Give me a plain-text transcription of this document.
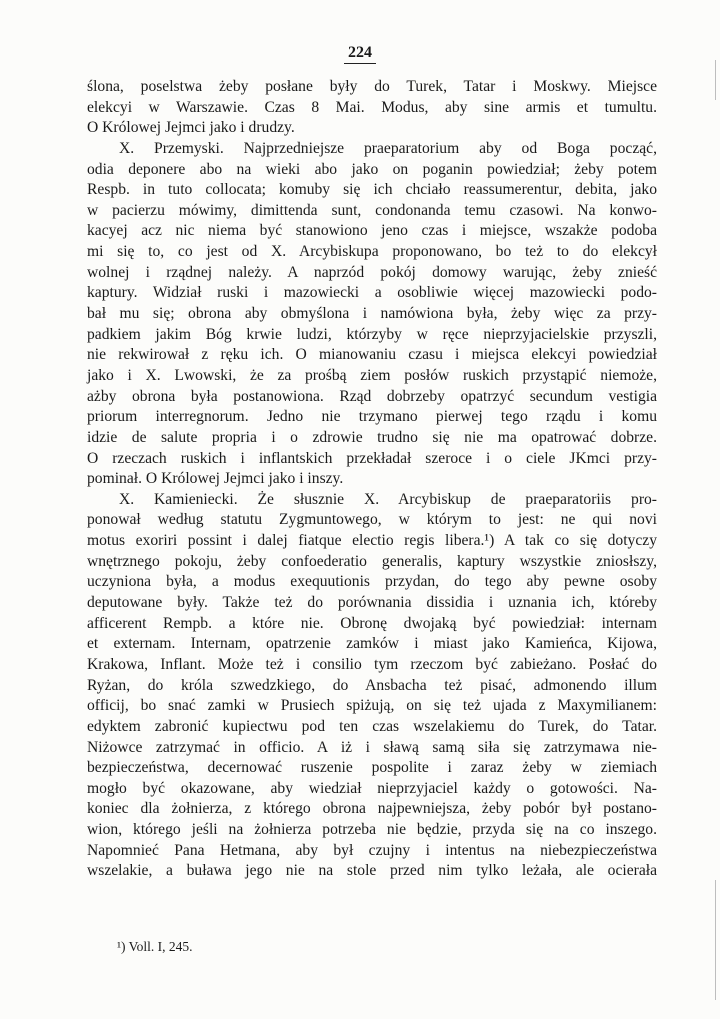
224
ślona, poselstwa żeby posłane były do Turek, Tatar i Moskwy. Miejsce
elekcyi w Warszawie. Czas 8 Mai. Modus, aby sine armis et tumultu.
O Królowej Jejmci jako i drudzy.
X. Przemyski. Najprzedniejsze praeparatorium aby od Boga począć,
odia deponere abo na wieki abo jako on poganin powiedział; żeby potem
Respb. in tuto collocata; komuby się ich chciało reassumerentur, debita, jako
w pacierzu mówimy, dimittenda sunt, condonanda temu czasowi. Na konwo-
kacyej acz nic niema być stanowiono jeno czas i miejsce, wszakże podoba
mi się to, co jest od X. Arcybiskupa proponowano, bo też to do elekcył
wolnej i rządnej należy. A naprzód pokój domowy warując, żeby znieść
kaptury. Widział ruski i mazowiecki a osobliwie więcej mazowiecki podo-
bał mu się; obrona aby obmyślona i namówiona była, żeby więc za przy-
padkiem jakim Bóg krwie ludzi, którzyby w ręce nieprzyjacielskie przyszli,
nie rekwirował z ręku ich. O mianowaniu czasu i miejsca elekcyi powiedział
jako i X. Lwowski, że za prośbą ziem posłów ruskich przystąpić niemoże,
ażby obrona była postanowiona. Rząd dobrzeby opatrzyć secundum vestigia
priorum interregnorum. Jedno nie trzymano pierwej tego rządu i komu
idzie de salute propria i o zdrowie trudno się nie ma opatrować dobrze.
O rzeczach ruskich i inflantskich przekładał szeroce i o ciele JKmci przy-
pominał. O Królowej Jejmci jako i inszy.
X. Kamieniecki. Że słusznie X. Arcybiskup de praeparatoriis pro-
ponował według statutu Zygmuntowego, w którym to jest: ne qui novi
motus exoriri possint i dalej fiatque electio regis libera.¹) A tak co się dotyczy
wnętrznego pokoju, żeby confoederatio generalis, kaptury wszystkie zniosłszy,
uczyniona była, a modus exequutionis przydan, do tego aby pewne osoby
deputowane były. Także też do porównania dissidia i uznania ich, któreby
afficerent Rempb. a które nie. Obronę dwojaką być powiedział: internam
et externam. Internam, opatrzenie zamków i miast jako Kamieńca, Kijowa,
Krakowa, Inflant. Może też i consilio tym rzeczom być zabieżano. Posłać do
Ryżan, do króla szwedzkiego, do Ansbacha też pisać, admonendo illum
officij, bo snać zamki w Prusiech spiżują, on się też ujada z Maxymilianem:
edyktem zabronić kupiectwu pod ten czas wszelakiemu do Turek, do Tatar.
Niżowce zatrzymać in officio. A iż i sławą samą siła się zatrzymawa nie-
bezpieczeństwa, decernować ruszenie pospolite i zaraz żeby w ziemiach
mogło być okazowane, aby wiedział nieprzyjaciel każdy o gotowości. Na-
koniec dla żołnierza, z którego obrona najpewniejsza, żeby pobór był postano-
wion, którego jeśli na żołnierza potrzeba nie będzie, przyda się na co inszego.
Napomnieć Pana Hetmana, aby był czujny i intentus na niebezpieczeństwa
wszelakie, a buława jego nie na stole przed nim tylko leżała, ale ocierała
¹) Voll. I, 245.
